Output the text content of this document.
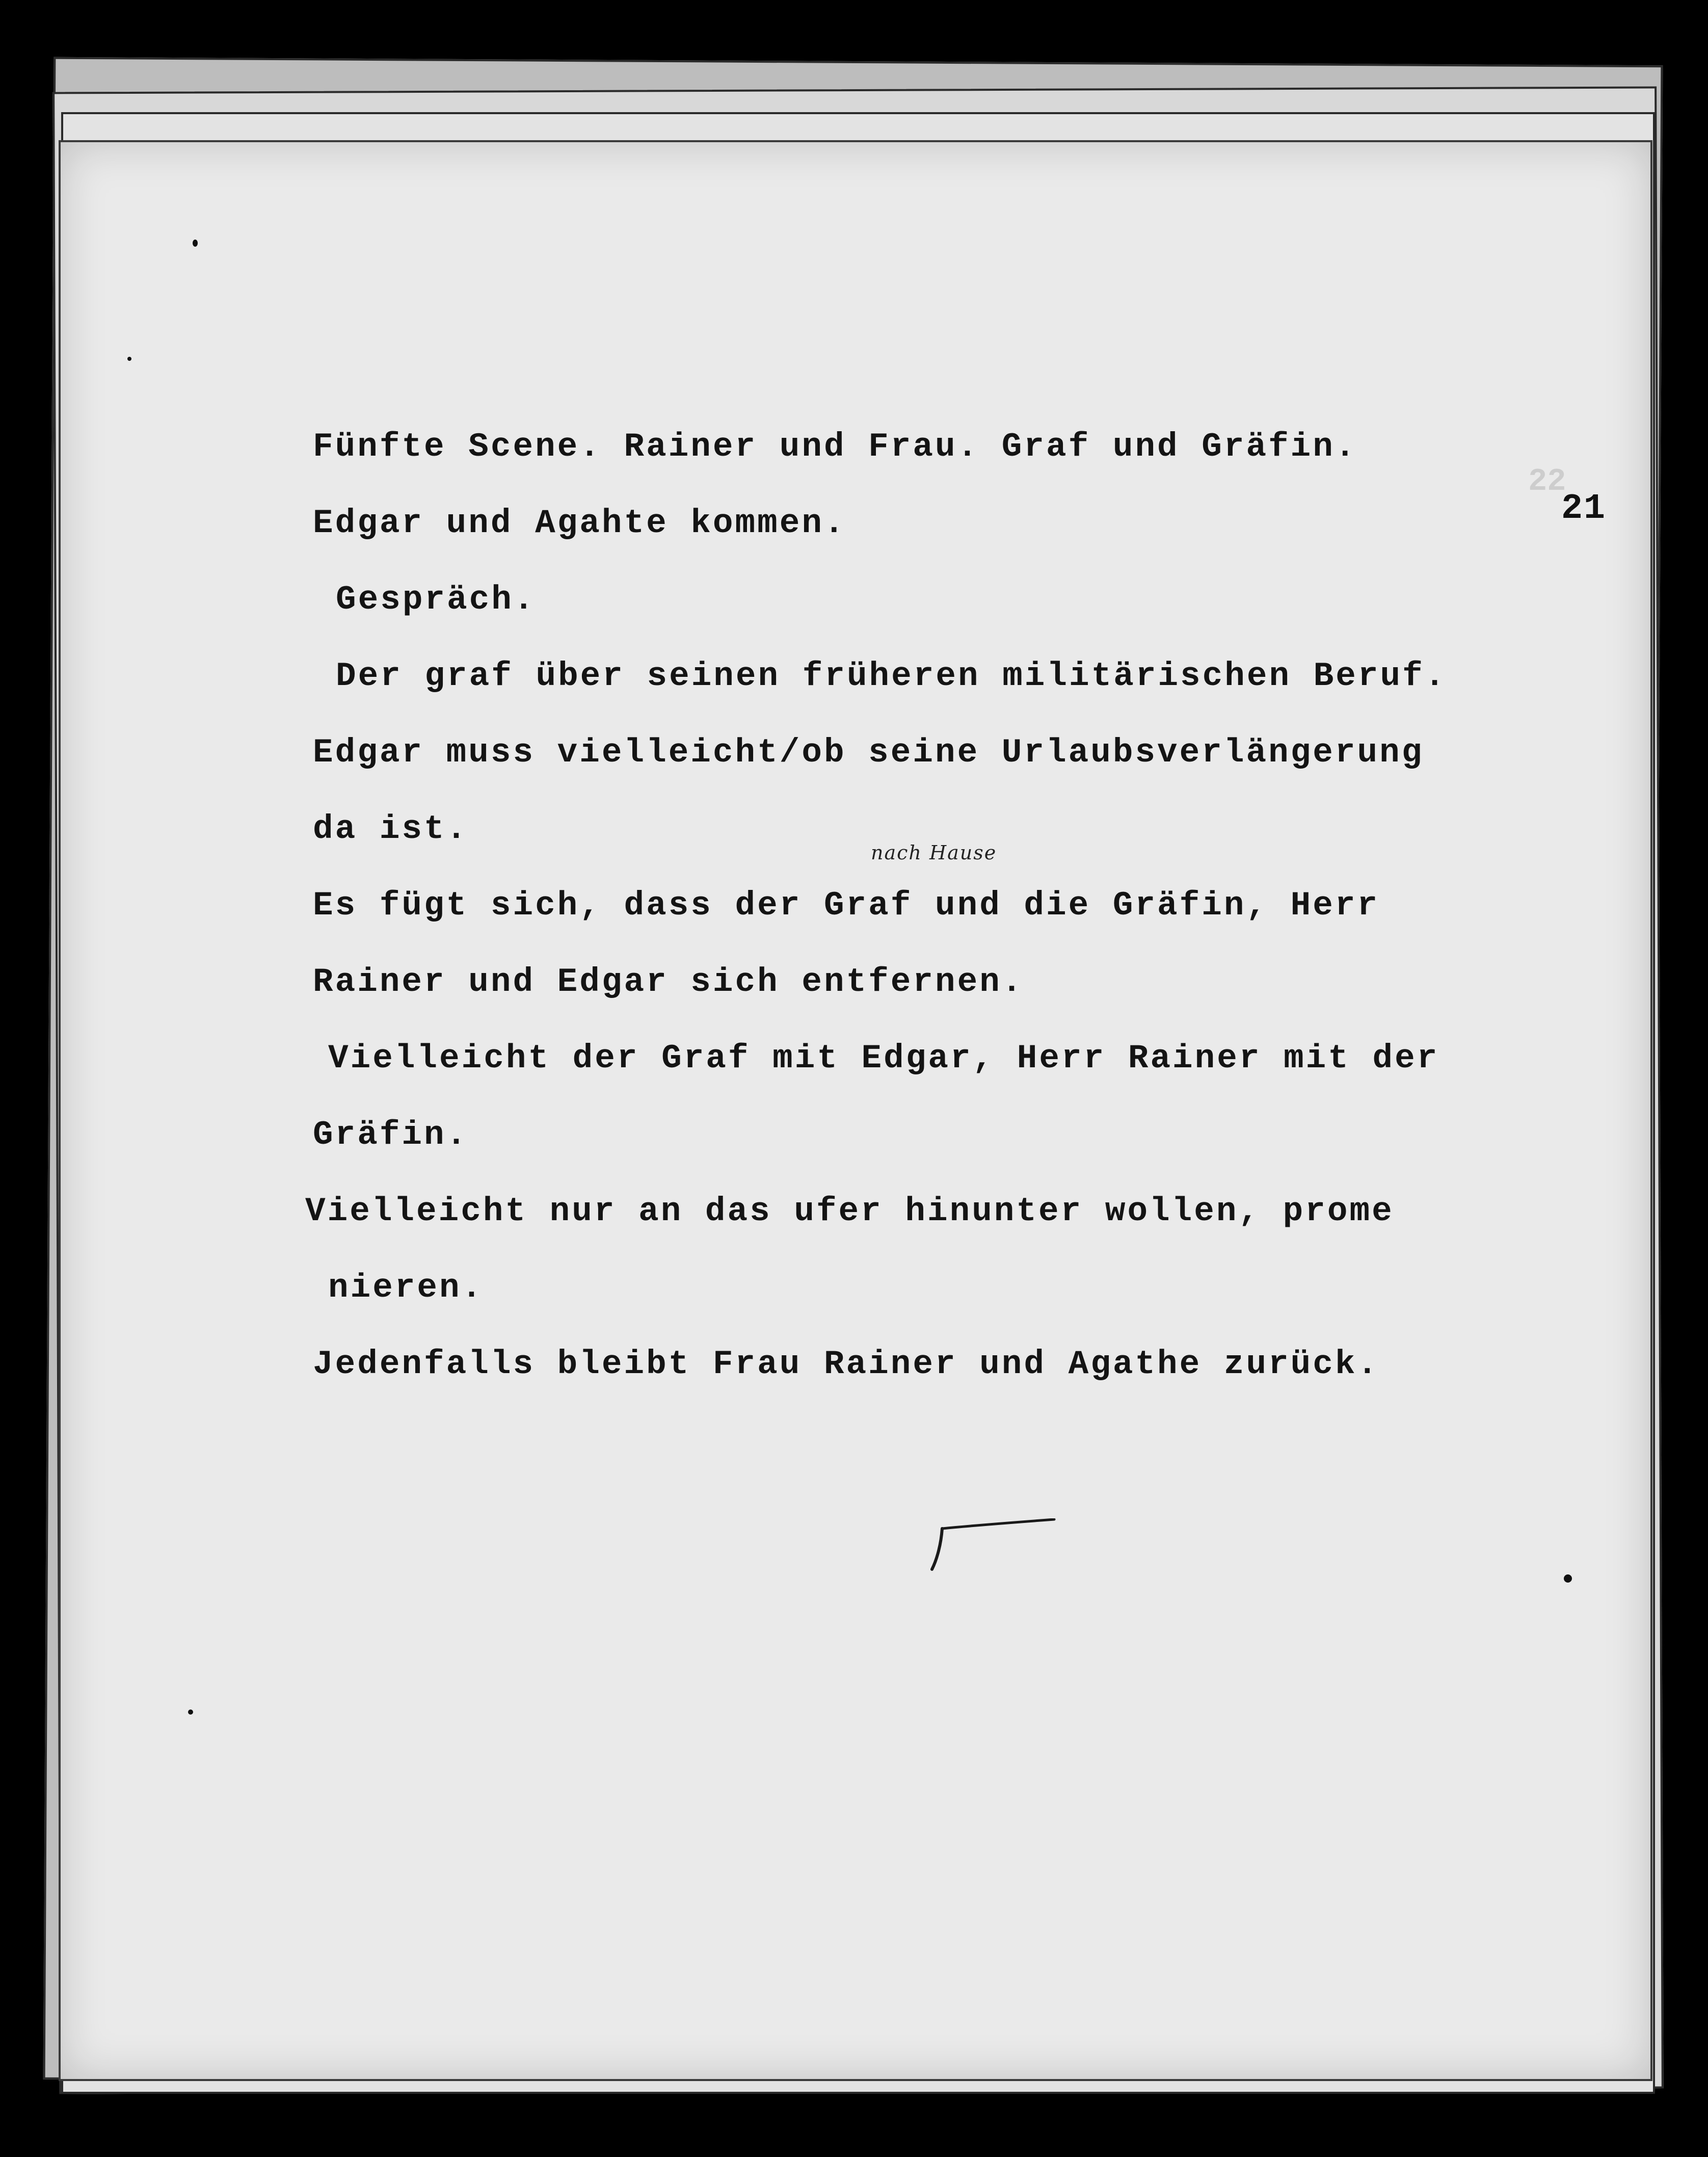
22
21
Fünfte Scene. Rainer und Frau. Graf und Gräfin.
Edgar und Agahte kommen.
Gespräch.
Der graf über seinen früheren militärischen Beruf.
nach Hause
Edgar muss vielleicht/ob seine Urlaubsverlängerung
da ist.
Es fügt sich, dass der Graf und die Gräfin, Herr
Rainer und Edgar sich entfernen.
Vielleicht der Graf mit Edgar, Herr Rainer mit der
Gräfin.
Vielleicht nur an das ufer hinunter wollen, prome
nieren.
Jedenfalls bleibt Frau Rainer und Agathe zurück.
